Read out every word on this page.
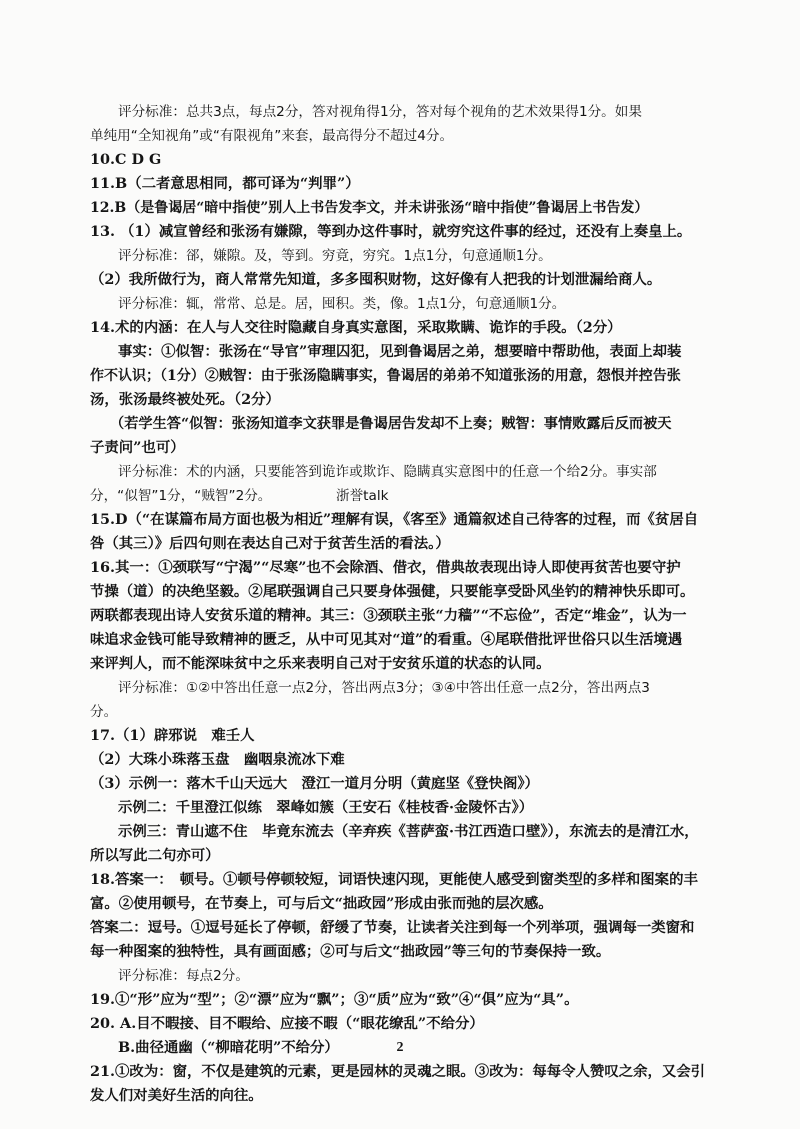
评分标准：总共3点，每点2分，答对视角得1分，答对每个视角的艺术效果得1分。如果

单纯用“全知视角”或“有限视角”来套，最高得分不超过4分。

10.C D G

11.B（二者意思相同，都可译为“判罪”）

12.B（是鲁谒居“暗中指使”别人上书告发李文，并未讲张汤“暗中指使”鲁谒居上书告发）

13. （1）减宣曾经和张汤有嫌隙，等到办这件事时，就穷究这件事的经过，还没有上奏皇上。

评分标准：郤，嫌隙。及，等到。穷竟，穷究。1点1分，句意通顺1分。

（2）我所做行为，商人常常先知道，多多囤积财物，这好像有人把我的计划泄漏给商人。

评分标准：辄，常常、总是。居，囤积。类，像。1点1分，句意通顺1分。

14.术的内涵：在人与人交往时隐藏自身真实意图，采取欺瞒、诡诈的手段。（2分）

事实：①似智：张汤在“导官”审理囚犯，见到鲁谒居之弟，想要暗中帮助他，表面上却装

作不认识；（1分）②贼智：由于张汤隐瞒事实，鲁谒居的弟弟不知道张汤的用意，怨恨并控告张

汤，张汤最终被处死。（2分）

（若学生答“似智：张汤知道李文获罪是鲁谒居告发却不上奏；贼智：事情败露后反而被天

子责问”也可）

评分标准：术的内涵，只要能答到诡诈或欺诈、隐瞒真实意图中的任意一个给2分。事实部

分，“似智”1分，“贼智”2分。	浙誉talk

15.D（“在谋篇布局方面也极为相近”理解有误，《客至》通篇叙述自己待客的过程，而《贫居自

咎（其三）》后四句则在表达自己对于贫苦生活的看法。）

16.其一：①颈联写“宁渴”“尽寒”也不会除酒、借衣，借典故表现出诗人即使再贫苦也要守护

节操（道）的决绝坚毅。②尾联强调自己只要身体强健，只要能享受卧风坐钓的精神快乐即可。

两联都表现出诗人安贫乐道的精神。其三：③颈联主张“力穑”“不忘俭”，否定“堆金”，认为一

味追求金钱可能导致精神的匮乏，从中可见其对“道”的看重。④尾联借批评世俗只以生活境遇

来评判人，而不能深味贫中之乐来表明自己对于安贫乐道的状态的认同。

评分标准：①②中答出任意一点2分，答出两点3分；③④中答出任意一点2分，答出两点3

分。

17.（1）辟邪说　难壬人

（2）大珠小珠落玉盘　幽咽泉流冰下难

（3）示例一：落木千山天远大　澄江一道月分明（黄庭坚《登快阁》）

示例二：千里澄江似练　翠峰如簇（王安石《桂枝香·金陵怀古》）

示例三：青山遮不住　毕竟东流去（辛弃疾《菩萨蛮·书江西造口壁》），东流去的是清江水，

所以写此二句亦可）

18.答案一：　顿号。①顿号停顿较短，词语快速闪现，更能使人感受到窗类型的多样和图案的丰

富。②使用顿号，在节奏上，可与后文“拙政园”形成由张而弛的层次感。

答案二：逗号。①逗号延长了停顿，舒缓了节奏，让读者关注到每一个列举项，强调每一类窗和

每一种图案的独特性，具有画面感；②可与后文“拙政园”等三句的节奏保持一致。

评分标准：每点2分。

19.①“形”应为“型”；②“漂”应为“飘”；③“质”应为“致”④“俱”应为“具”。

20. A.目不暇接、目不暇给、应接不暇（“眼花缭乱”不给分）

B.曲径通幽（“柳暗花明”不给分）

21.①改为：窗，不仅是建筑的元素，更是园林的灵魂之眼。③改为：每每令人赞叹之余，又会引

发人们对美好生活的向往。

2
